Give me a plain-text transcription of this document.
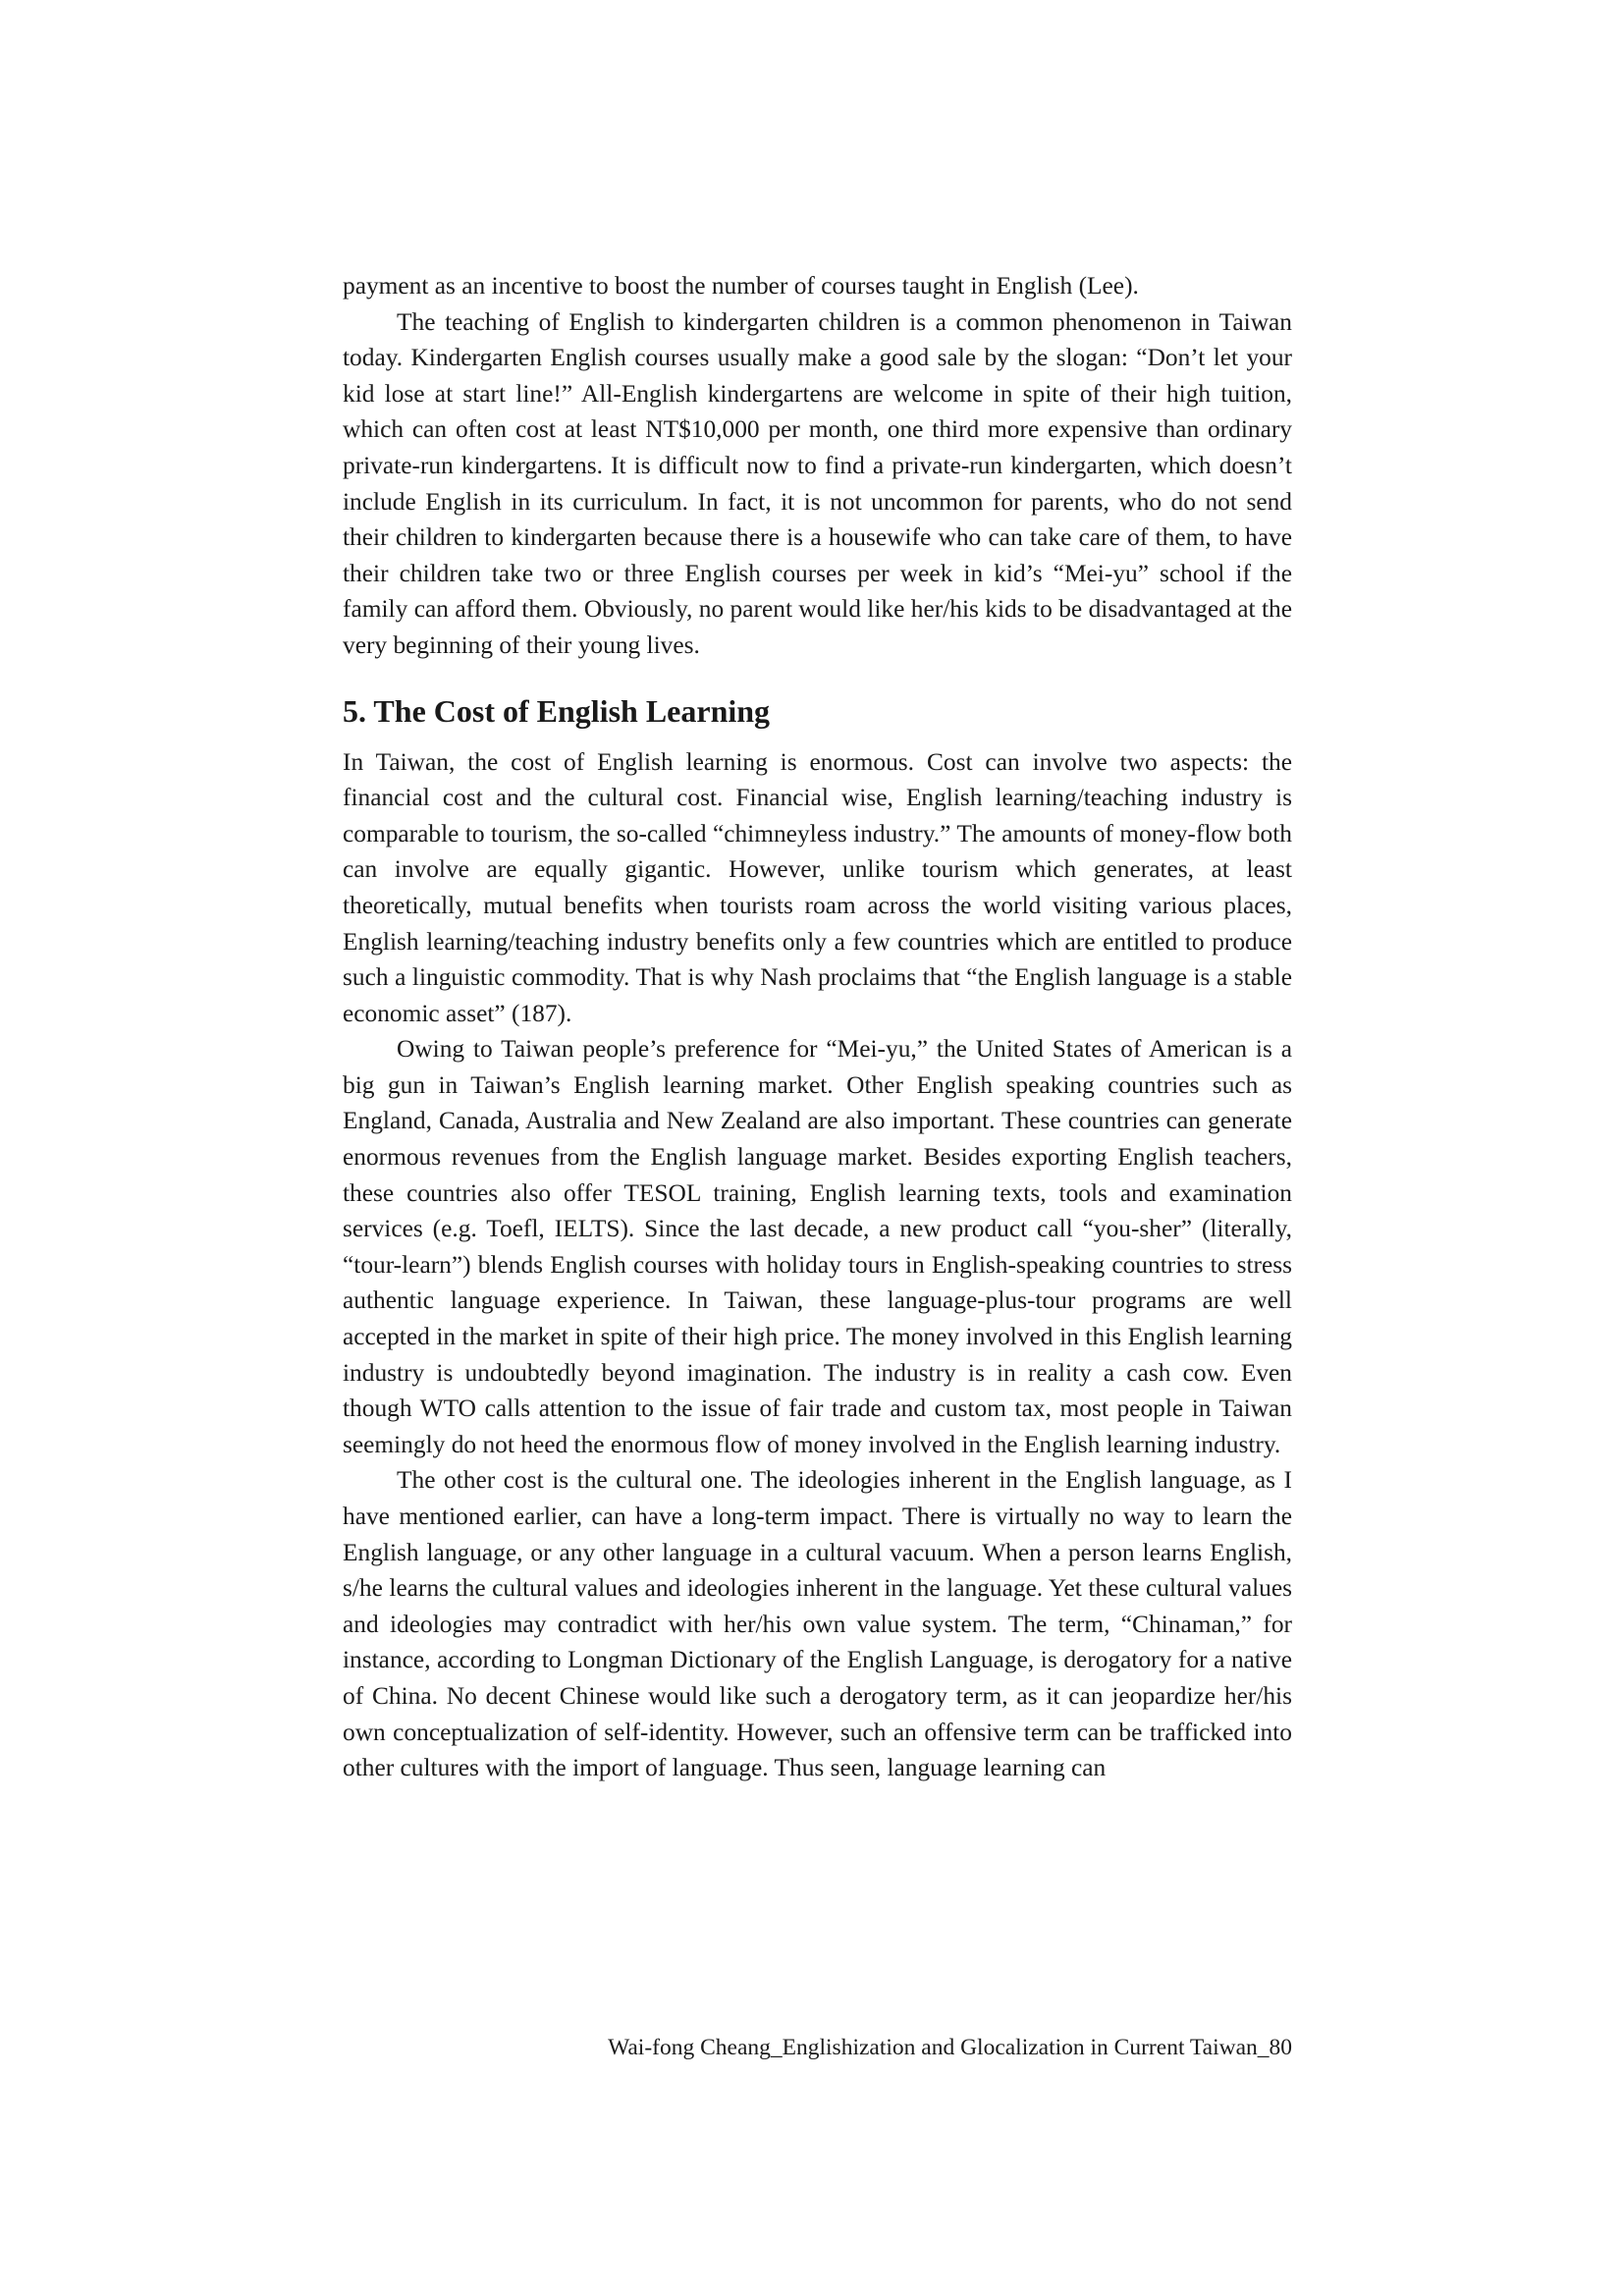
payment as an incentive to boost the number of courses taught in English (Lee).

The teaching of English to kindergarten children is a common phenomenon in Taiwan today. Kindergarten English courses usually make a good sale by the slogan: “Don’t let your kid lose at start line!” All-English kindergartens are welcome in spite of their high tuition, which can often cost at least NT$10,000 per month, one third more expensive than ordinary private-run kindergartens. It is difficult now to find a private-run kindergarten, which doesn’t include English in its curriculum. In fact, it is not uncommon for parents, who do not send their children to kindergarten because there is a housewife who can take care of them, to have their children take two or three English courses per week in kid’s “Mei-yu” school if the family can afford them. Obviously, no parent would like her/his kids to be disadvantaged at the very beginning of their young lives.

5. The Cost of English Learning

In Taiwan, the cost of English learning is enormous. Cost can involve two aspects: the financial cost and the cultural cost. Financial wise, English learning/teaching industry is comparable to tourism, the so-called “chimneyless industry.” The amounts of money-flow both can involve are equally gigantic. However, unlike tourism which generates, at least theoretically, mutual benefits when tourists roam across the world visiting various places, English learning/teaching industry benefits only a few countries which are entitled to produce such a linguistic commodity. That is why Nash proclaims that “the English language is a stable economic asset” (187).

Owing to Taiwan people’s preference for “Mei-yu,” the United States of American is a big gun in Taiwan’s English learning market. Other English speaking countries such as England, Canada, Australia and New Zealand are also important. These countries can generate enormous revenues from the English language market. Besides exporting English teachers, these countries also offer TESOL training, English learning texts, tools and examination services (e.g. Toefl, IELTS). Since the last decade, a new product call “you-sher” (literally, “tour-learn”) blends English courses with holiday tours in English-speaking countries to stress authentic language experience. In Taiwan, these language-plus-tour programs are well accepted in the market in spite of their high price. The money involved in this English learning industry is undoubtedly beyond imagination. The industry is in reality a cash cow. Even though WTO calls attention to the issue of fair trade and custom tax, most people in Taiwan seemingly do not heed the enormous flow of money involved in the English learning industry.

The other cost is the cultural one. The ideologies inherent in the English language, as I have mentioned earlier, can have a long-term impact. There is virtually no way to learn the English language, or any other language in a cultural vacuum. When a person learns English, s/he learns the cultural values and ideologies inherent in the language. Yet these cultural values and ideologies may contradict with her/his own value system. The term, “Chinaman,” for instance, according to Longman Dictionary of the English Language, is derogatory for a native of China. No decent Chinese would like such a derogatory term, as it can jeopardize her/his own conceptualization of self-identity. However, such an offensive term can be trafficked into other cultures with the import of language. Thus seen, language learning can

Wai-fong Cheang_Englishization and Glocalization in Current Taiwan_80
